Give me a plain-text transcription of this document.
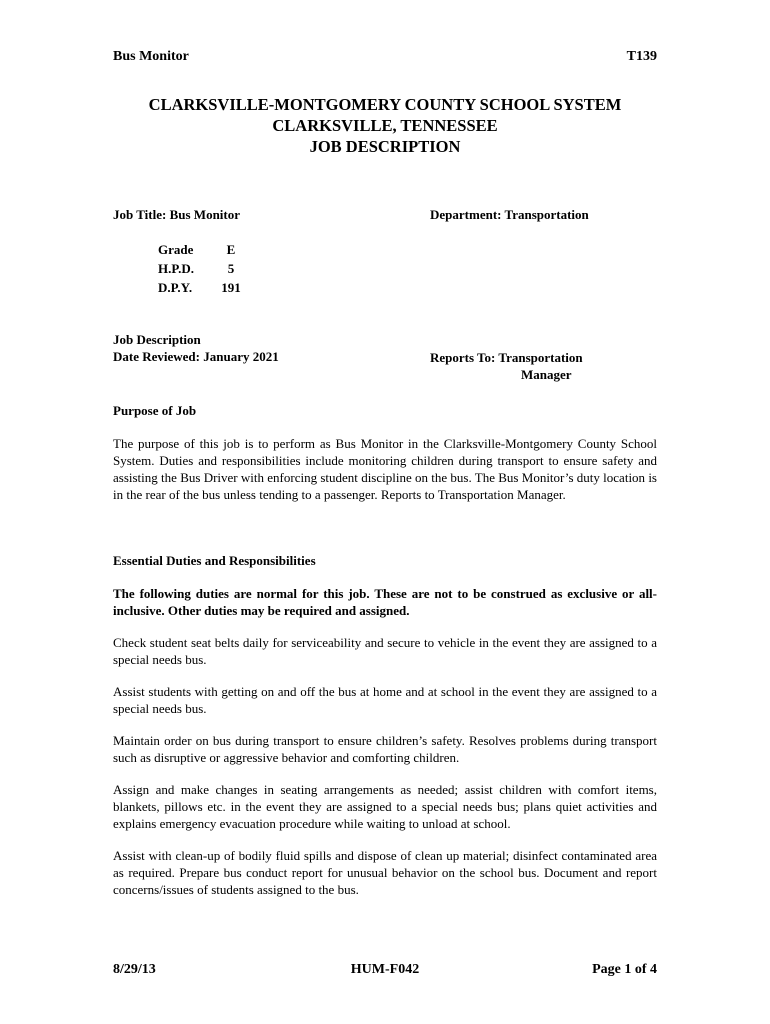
Bus Monitor	T139
CLARKSVILLE-MONTGOMERY COUNTY SCHOOL SYSTEM
CLARKSVILLE, TENNESSEE
JOB DESCRIPTION
Job Title: Bus Monitor	Department: Transportation
Grade	E
H.P.D.	5
D.P.Y.	191
Job Description
Date Reviewed: January 2021	Reports To: Transportation
Manager
Purpose of Job
The purpose of this job is to perform as Bus Monitor in the Clarksville-Montgomery County School System. Duties and responsibilities include monitoring children during transport to ensure safety and assisting the Bus Driver with enforcing student discipline on the bus. The Bus Monitor’s duty location is in the rear of the bus unless tending to a passenger. Reports to Transportation Manager.
Essential Duties and Responsibilities
The following duties are normal for this job. These are not to be construed as exclusive or all-inclusive. Other duties may be required and assigned.
Check student seat belts daily for serviceability and secure to vehicle in the event they are assigned to a special needs bus.
Assist students with getting on and off the bus at home and at school in the event they are assigned to a special needs bus.
Maintain order on bus during transport to ensure children’s safety. Resolves problems during transport such as disruptive or aggressive behavior and comforting children.
Assign and make changes in seating arrangements as needed; assist children with comfort items, blankets, pillows etc. in the event they are assigned to a special needs bus; plans quiet activities and explains emergency evacuation procedure while waiting to unload at school.
Assist with clean-up of bodily fluid spills and dispose of clean up material; disinfect contaminated area as required. Prepare bus conduct report for unusual behavior on the school bus. Document and report concerns/issues of students assigned to the bus.
8/29/13	HUM-F042	Page 1 of 4
